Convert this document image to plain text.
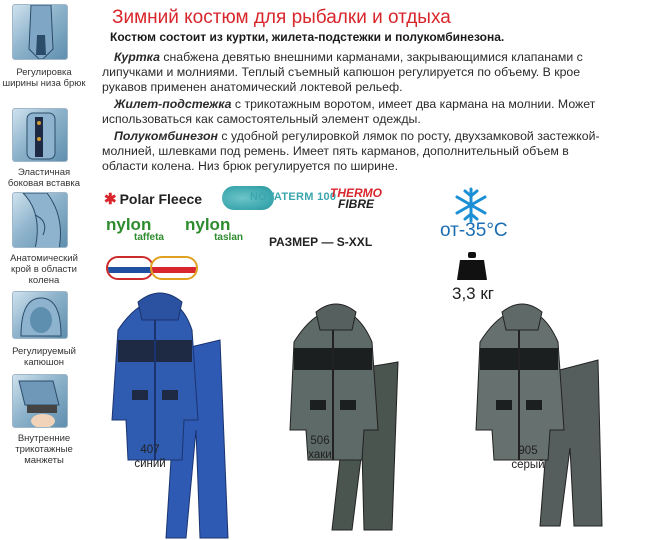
Регулировка ширины низа брюк
Эластичная боковая вставка
Анатомический крой в области колена
Регулируемый капюшон
Внутренние трикотажные манжеты
Зимний костюм для рыбалки и отдыха
Костюм состоит из куртки, жилета-подстежки и полукомбинезона.
Куртка снабжена девятью внешними карманами, закрывающимися клапанами с липучками и молниями. Теплый съемный капюшон регулируется по объему. В крое рукавов применен анатомический локтевой рельеф.
Жилет-подстежка с трикотажным воротом, имеет два кармана на молнии. Может использоваться как самостоятельный элемент одежды.
Полукомбинезон с удобной регулировкой лямок по росту, двухзамковой застежкой-молнией, шлевками под ремень. Имеет пять карманов, дополнительный объем в области колена. Низ брюк регулируется по ширине.
✱ Polar Fleece	NOVATERM 100
THERMO
FIBRE
nylon
taffeta
nylon
taslan РАЗМЕР — S-XXL
от-35°С
3,3 кг
407
синий
506
хаки	905
серый
